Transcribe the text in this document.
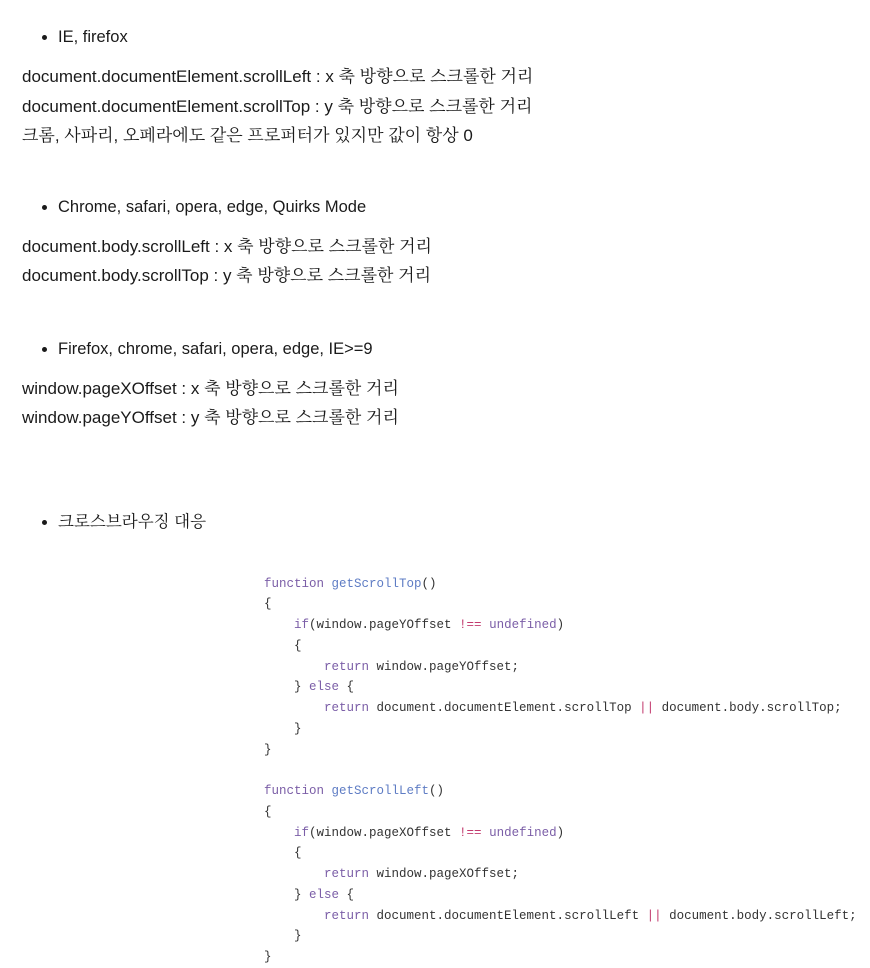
• IE, firefox
document.documentElement.scrollLeft : x 축 방향으로 스크롤한 거리
document.documentElement.scrollTop : y 축 방향으로 스크롤한 거리
크롬, 사파리, 오페라에도 같은 프로퍼터가 있지만 값이 항상 0
• Chrome, safari, opera, edge, Quirks Mode
document.body.scrollLeft : x 축 방향으로 스크롤한 거리
document.body.scrollTop : y 축 방향으로 스크롤한 거리
• Firefox, chrome, safari, opera, edge, IE>=9
window.pageXOffset : x 축 방향으로 스크롤한 거리
window.pageYOffset : y 축 방향으로 스크롤한 거리
• 크로스브라우징 대응
function getScrollTop()
{
if(window.pageYOffset !== undefined)
{
return window.pageYOffset;
} else {
return document.documentElement.scrollTop || document.body.scrollTop;
}
}

function getScrollLeft()
{
if(window.pageXOffset !== undefined)
{
return window.pageXOffset;
} else {
return document.documentElement.scrollLeft || document.body.scrollLeft;
}
}
